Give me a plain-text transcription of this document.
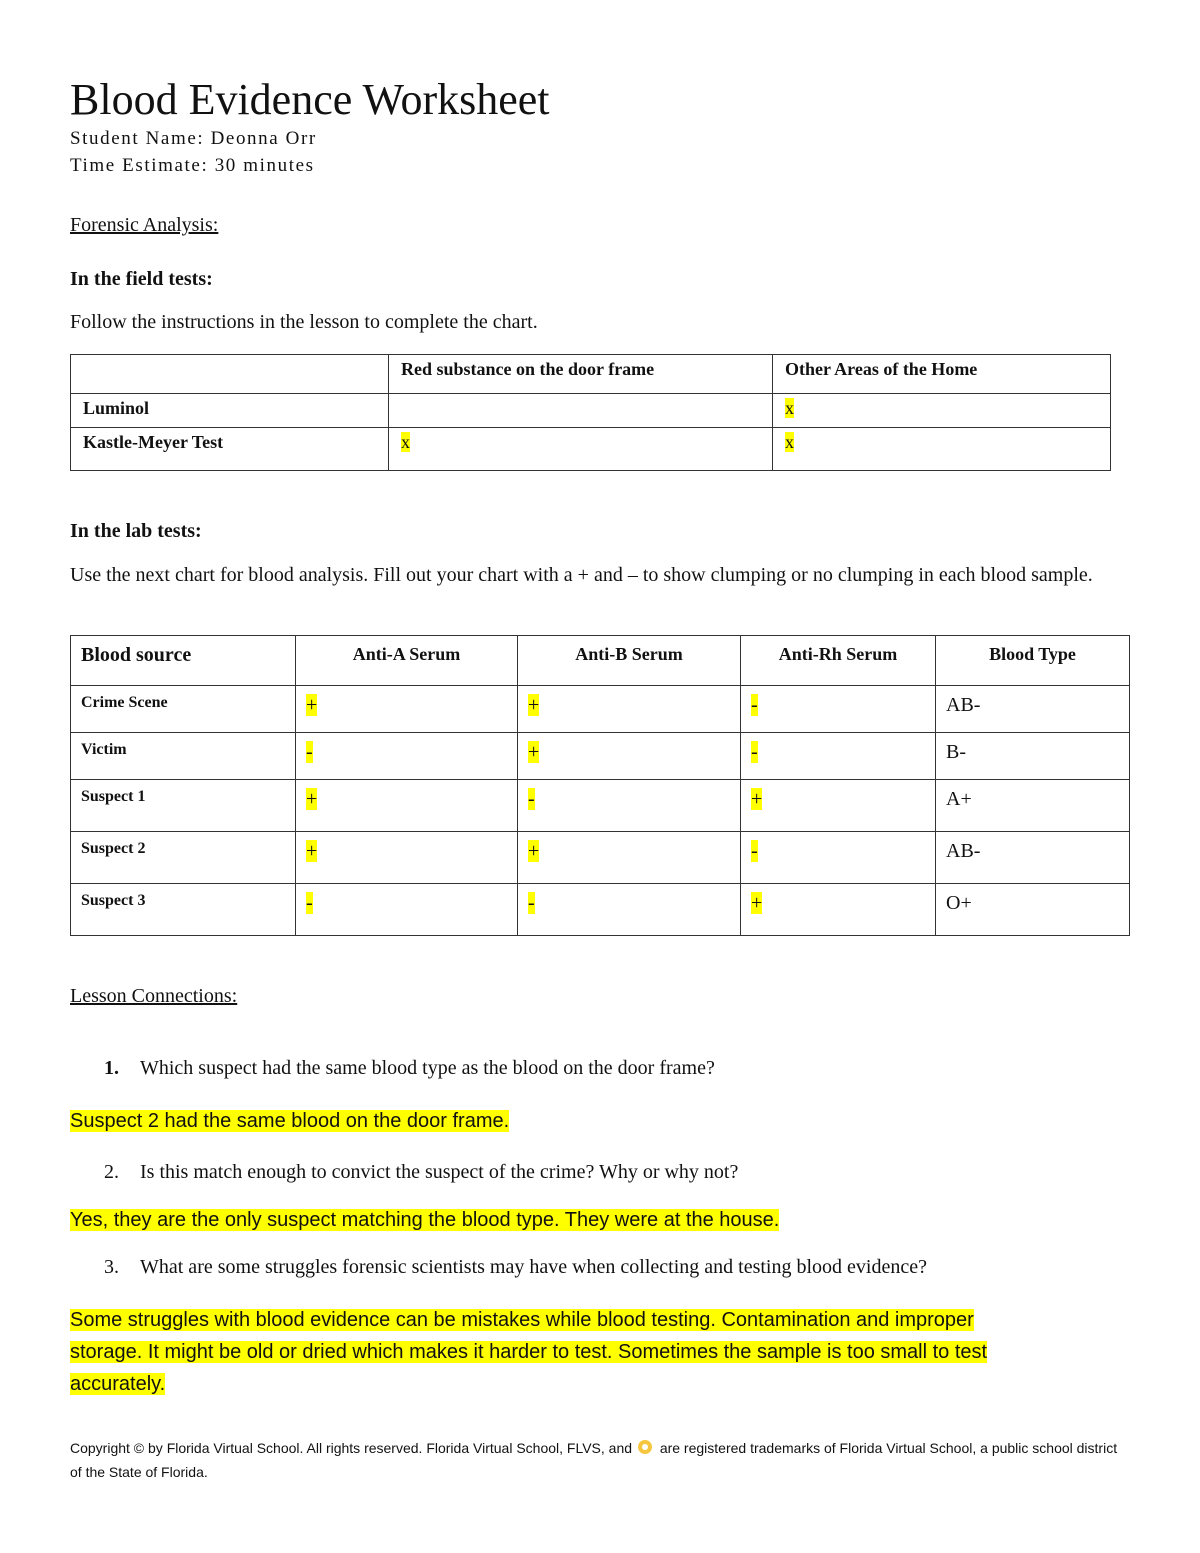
Blood Evidence Worksheet
Student Name: Deonna Orr
Time Estimate: 30 minutes
Forensic Analysis:
In the field tests:
Follow the instructions in the lesson to complete the chart.
	Red substance on the door frame	Other Areas of the Home
Luminol		x
Kastle-Meyer Test	x	x
In the lab tests:
Use the next chart for blood analysis. Fill out your chart with a + and – to show clumping or no clumping in each blood sample.
Blood source	Anti-A Serum	Anti-B Serum	Anti-Rh Serum	Blood Type
Crime Scene	+	+	-	AB-
Victim	-	+	-	B-
Suspect 1	+	-	+	A+
Suspect 2	+	+	-	AB-
Suspect 3	-	-	+	O+
Lesson Connections:
1. Which suspect had the same blood type as the blood on the door frame?
Suspect 2 had the same blood on the door frame.
2. Is this match enough to convict the suspect of the crime? Why or why not?
Yes, they are the only suspect matching the blood type. They were at the house.
3. What are some struggles forensic scientists may have when collecting and testing blood evidence?
Some struggles with blood evidence can be mistakes while blood testing. Contamination and improper
storage. It might be old or dried which makes it harder to test. Sometimes the sample is too small to test
accurately.
Copyright © by Florida Virtual School. All rights reserved. Florida Virtual School, FLVS, and are registered trademarks of Florida Virtual School, a public school district of the State of Florida.
